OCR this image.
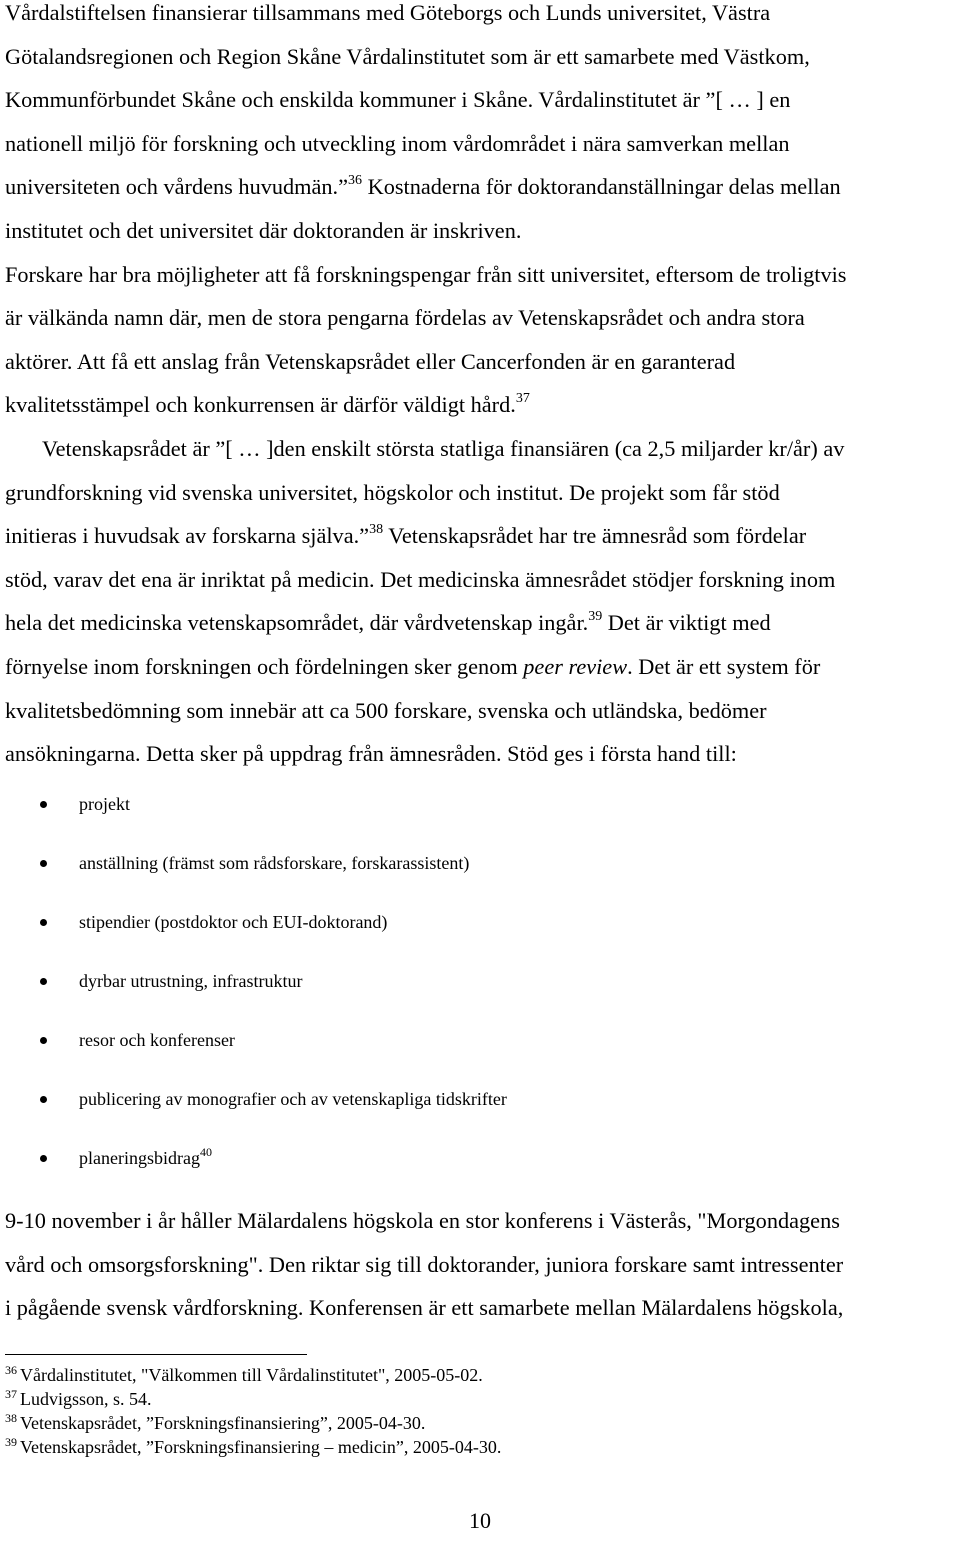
Vårdalstiftelsen finansierar tillsammans med Göteborgs och Lunds universitet, Västra
Götalandsregionen och Region Skåne Vårdalinstitutet som är ett samarbete med Västkom,
Kommunförbundet Skåne och enskilda kommuner i Skåne. Vårdalinstitutet är ”[ … ] en
nationell miljö för forskning och utveckling inom vårdområdet i nära samverkan mellan
universiteten och vårdens huvudmän.”$^{36}$ Kostnaderna för doktorandanställningar delas mellan
institutet och det universitet där doktoranden är inskriven.
Forskare har bra möjligheter att få forskningspengar från sitt universitet, eftersom de troligtvis
är välkända namn där, men de stora pengarna fördelas av Vetenskapsrådet och andra stora
aktörer. Att få ett anslag från Vetenskapsrådet eller Cancerfonden är en garanterad
kvalitetsstämpel och konkurrensen är därför väldigt hård.$^{37}$
Vetenskapsrådet är ”[ … ]den enskilt största statliga finansiären (ca 2,5 miljarder kr/år) av
grundforskning vid svenska universitet, högskolor och institut. De projekt som får stöd
initieras i huvudsak av forskarna själva.”$^{38}$ Vetenskapsrådet har tre ämnesråd som fördelar
stöd, varav det ena är inriktat på medicin. Det medicinska ämnesrådet stödjer forskning inom
hela det medicinska vetenskapsområdet, där vårdvetenskap ingår.$^{39}$ Det är viktigt med
förnyelse inom forskningen och fördelningen sker genom peer review. Det är ett system för
kvalitetsbedömning som innebär att ca 500 forskare, svenska och utländska, bedömer
ansökningarna. Detta sker på uppdrag från ämnesråden. Stöd ges i första hand till:
projekt
anställning (främst som rådsforskare, forskarassistent)
stipendier (postdoktor och EUI-doktorand)
dyrbar utrustning, infrastruktur
resor och konferenser
publicering av monografier och av vetenskapliga tidskrifter
planeringsbidrag$^{40}$
9-10 november i år håller Mälardalens högskola en stor konferens i Västerås, "Morgondagens
vård och omsorgsforskning". Den riktar sig till doktorander, juniora forskare samt intressenter
i pågående svensk vårdforskning. Konferensen är ett samarbete mellan Mälardalens högskola,
$^{36}$ Vårdalinstitutet, "Välkommen till Vårdalinstitutet", 2005-05-02.
$^{37}$ Ludvigsson, s. 54.
$^{38}$ Vetenskapsrådet, ”Forskningsfinansiering”, 2005-04-30.
$^{39}$ Vetenskapsrådet, ”Forskningsfinansiering – medicin”, 2005-04-30.
10
